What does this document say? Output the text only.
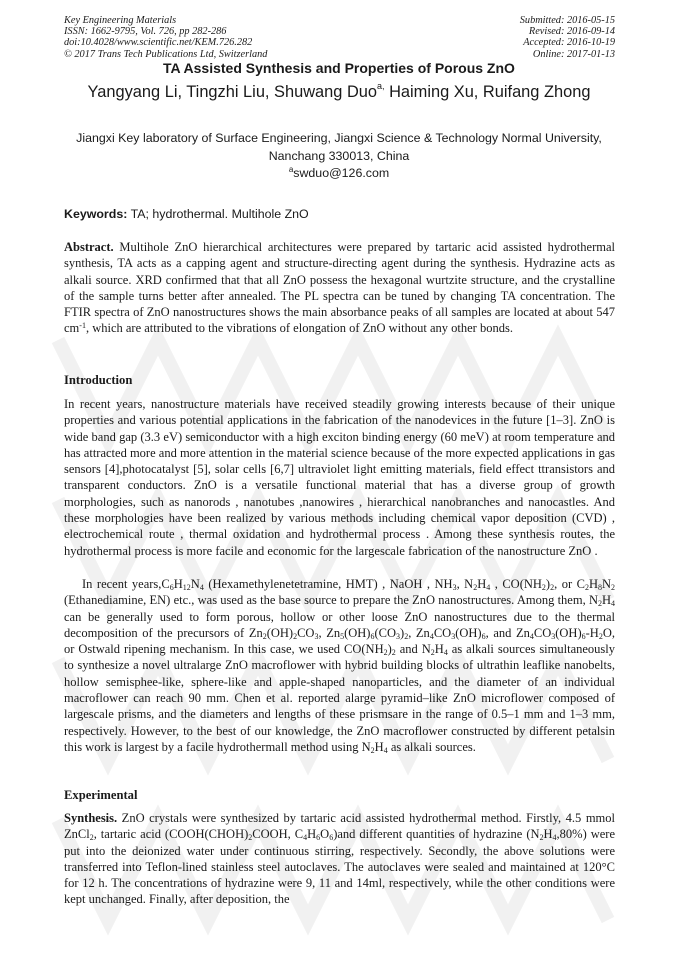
Key Engineering Materials
ISSN: 1662-9795, Vol. 726, pp 282-286
doi:10.4028/www.scientific.net/KEM.726.282
© 2017 Trans Tech Publications Ltd, Switzerland
Submitted: 2016-05-15
Revised: 2016-09-14
Accepted: 2016-10-19
Online: 2017-01-13
TA Assisted Synthesis and Properties of Porous ZnO
Yangyang Li, Tingzhi Liu, Shuwang Duo$^{a,}$ Haiming Xu, Ruifang Zhong
Jiangxi Key laboratory of Surface Engineering, Jiangxi Science & Technology Normal University, Nanchang 330013, China
$^a$swduo@126.com
Keywords: TA; hydrothermal. Multihole ZnO
Abstract. Multihole ZnO hierarchical architectures were prepared by tartaric acid assisted hydrothermal synthesis, TA acts as a capping agent and structure-directing agent during the synthesis. Hydrazine acts as alkali source. XRD confirmed that that all ZnO possess the hexagonal wurtzite structure, and the crystalline of the sample turns better after annealed. The PL spectra can be tuned by changing TA concentration. The FTIR spectra of ZnO nanostructures shows the main absorbance peaks of all samples are located at about 547 $cm^{-1}$, which are attributed to the vibrations of elongation of ZnO without any other bonds.
Introduction
In recent years, nanostructure materials have received steadily growing interests because of their unique properties and various potential applications in the fabrication of the nanodevices in the future [1–3]. ZnO is wide band gap (3.3 eV) semiconductor with a high exciton binding energy (60 meV) at room temperature and has attracted more and more attention in the material science because of the more expected applications in gas sensors [4],photocatalyst [5], solar cells [6,7] ultraviolet light emitting materials, field effect ttransistors and transparent conductors. ZnO is a versatile functional material that has a diverse group of growth morphologies, such as nanorods , nanotubes ,nanowires , hierarchical nanobranches and nanocastles. And these morphologies have been realized by various methods including chemical vapor deposition (CVD) , electrochemical route , thermal oxidation and hydrothermal process . Among these synthesis routes, the hydrothermal process is more facile and economic for the largescale fabrication of the nanostructure ZnO .
In recent $years,C_6H_{12}N_4$ (Hexamethylenetetramine, HMT) , NaOH , $NH_3$, $N_2H_4$ , $CO(NH_2)_2$, or $C_2H_8N_2$ (Ethanediamine, EN) etc., was used as the base source to prepare the ZnO nanostructures. Among them, $N_2H_4$ can be generally used to form porous, hollow or other loose ZnO nanostructures due to the thermal decomposition of the precursors of $Zn_2(OH)_2CO_3$, $Zn_5(OH)_6(CO_3)_2$, $Zn_4CO_3(OH)_6$, and $Zn_4CO_3(OH)_6-H_2O$, or Ostwald ripening mechanism. In this case, we used $CO(NH_2)_2$ and $N_2H_4$ as alkali sources simultaneously to synthesize a novel ultralarge ZnO macroflower with hybrid building blocks of ultrathin leaflike nanobelts, hollow semisphee-like, sphere-like and apple-shaped nanoparticles, and the diameter of an individual macroflower can reach 90 mm. Chen et al. reported alarge pyramid–like ZnO microflower composed of largescale prisms, and the diameters and lengths of these prismsare in the range of 0.5–1 mm and 1–3 mm, respectively. However, to the best of our knowledge, the ZnO macroflower constructed by different petalsin this work is largest by a facile hydrothermall method using $N_2H_4$ as alkali sources.
Experimental
Synthesis. ZnO crystals were synthesized by tartaric acid assisted hydrothermal method. Firstly, 4.5 mmol ZnCl$_2$, tartaric acid ($COOH(CHOH)_2COOH$, $C_4H_6O_6)and$ different quantities of hydrazine $(N_2H_4,80\%)$ were put into the deionized water under continuous stirring, respectively. Secondly, the above solutions were transferred into Teflon-lined stainless steel autoclaves. The autoclaves were sealed and maintained at 120°C for 12 h. The concentrations of hydrazine were 9, 11 and 14ml, respectively, while the other conditions were kept unchanged. Finally, after deposition, the
